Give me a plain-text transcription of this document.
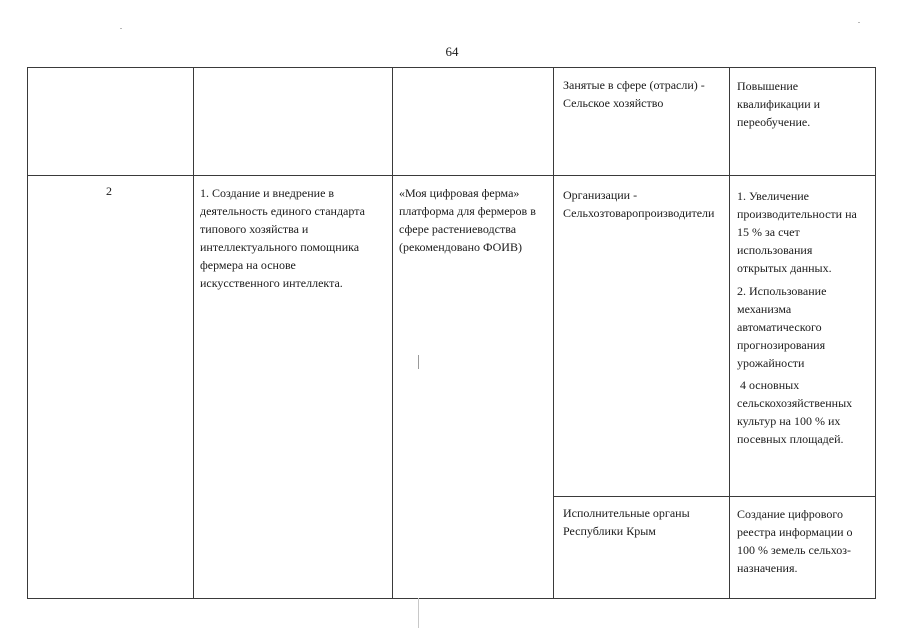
64
Занятые в сфере (отрасли) -
Сельское хозяйство
Повышение
квалификации и
переобучение.
2	1. Создание и внедрение в
деятельность единого стандарта
типового хозяйства и
интеллектуального помощника
фермера на основе
искусственного интеллекта.
«Моя цифровая ферма»
платформа для фермеров в
сфере растениеводства
(рекомендовано ФОИВ)
Организации -
Сельхозтоваропроизводители
1. Увеличение
производительности на
15 % за счет
использования
открытых данных.
2. Использование
механизма
автоматического
прогнозирования
урожайности
4 основных
сельскохозяйственных
культур на 100 % их
посевных площадей.
Исполнительные органы
Республики Крым
Создание цифрового
реестра информации о
100 % земель сельхоз-
назначения.
